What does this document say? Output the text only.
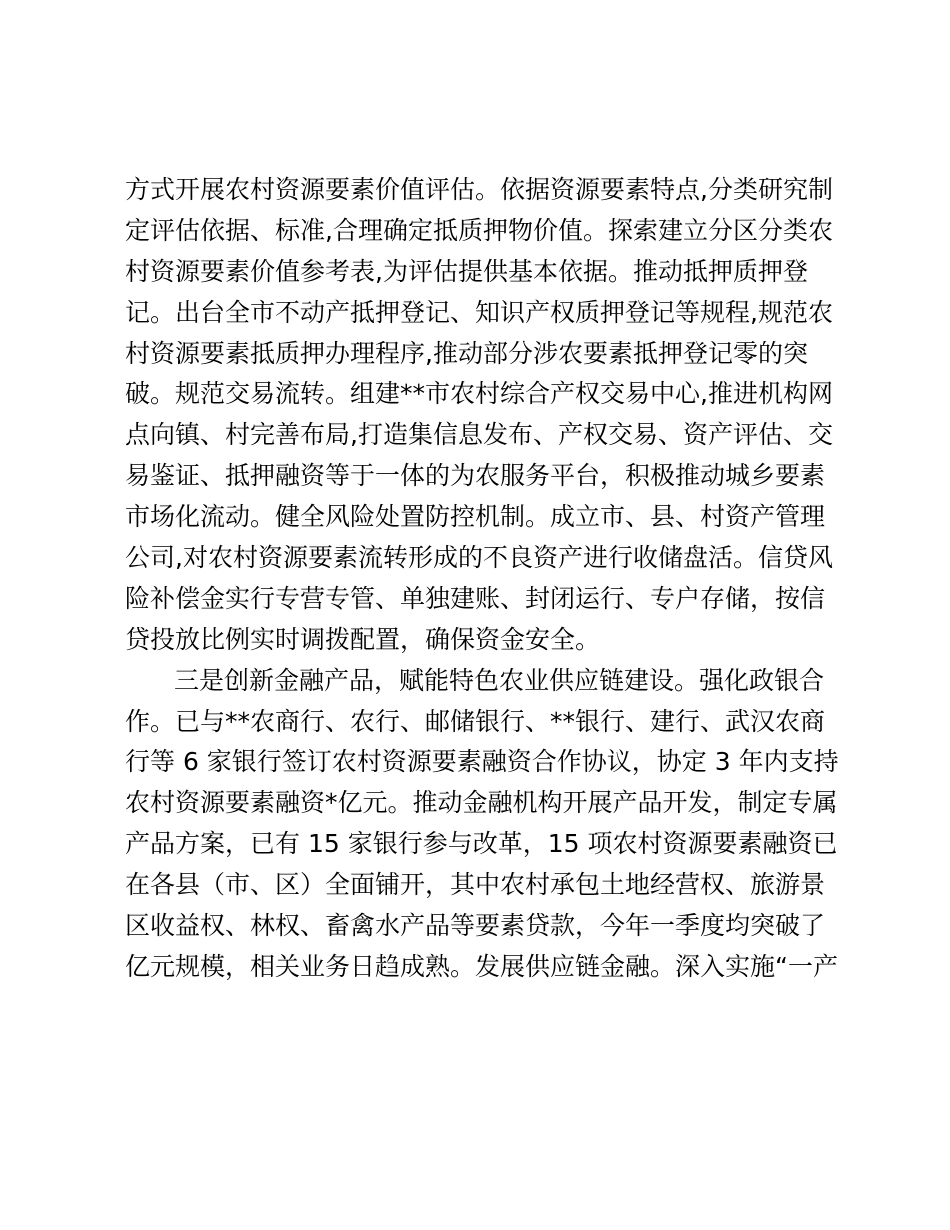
方式开展农村资源要素价值评估。依据资源要素特点,分类研究制
定评估依据、标准,合理确定抵质押物价值。探索建立分区分类农
村资源要素价值参考表,为评估提供基本依据。推动抵押质押登
记。出台全市不动产抵押登记、知识产权质押登记等规程,规范农
村资源要素抵质押办理程序,推动部分涉农要素抵押登记零的突
破。规范交易流转。组建**市农村综合产权交易中心,推进机构网
点向镇、村完善布局,打造集信息发布、产权交易、资产评估、交
易鉴证、抵押融资等于一体的为农服务平台，积极推动城乡要素
市场化流动。健全风险处置防控机制。成立市、县、村资产管理
公司,对农村资源要素流转形成的不良资产进行收储盘活。信贷风
险补偿金实行专营专管、单独建账、封闭运行、专户存储，按信
贷投放比例实时调拨配置，确保资金安全。
三是创新金融产品，赋能特色农业供应链建设。强化政银合
作。已与**农商行、农行、邮储银行、**银行、建行、武汉农商
行等 6 家银行签订农村资源要素融资合作协议，协定 3 年内支持
农村资源要素融资*亿元。推动金融机构开展产品开发，制定专属
产品方案，已有 15 家银行参与改革，15 项农村资源要素融资已
在各县（市、区）全面铺开，其中农村承包土地经营权、旅游景
区收益权、林权、畜禽水产品等要素贷款，今年一季度均突破了
亿元规模，相关业务日趋成熟。发展供应链金融。深入实施“一产
